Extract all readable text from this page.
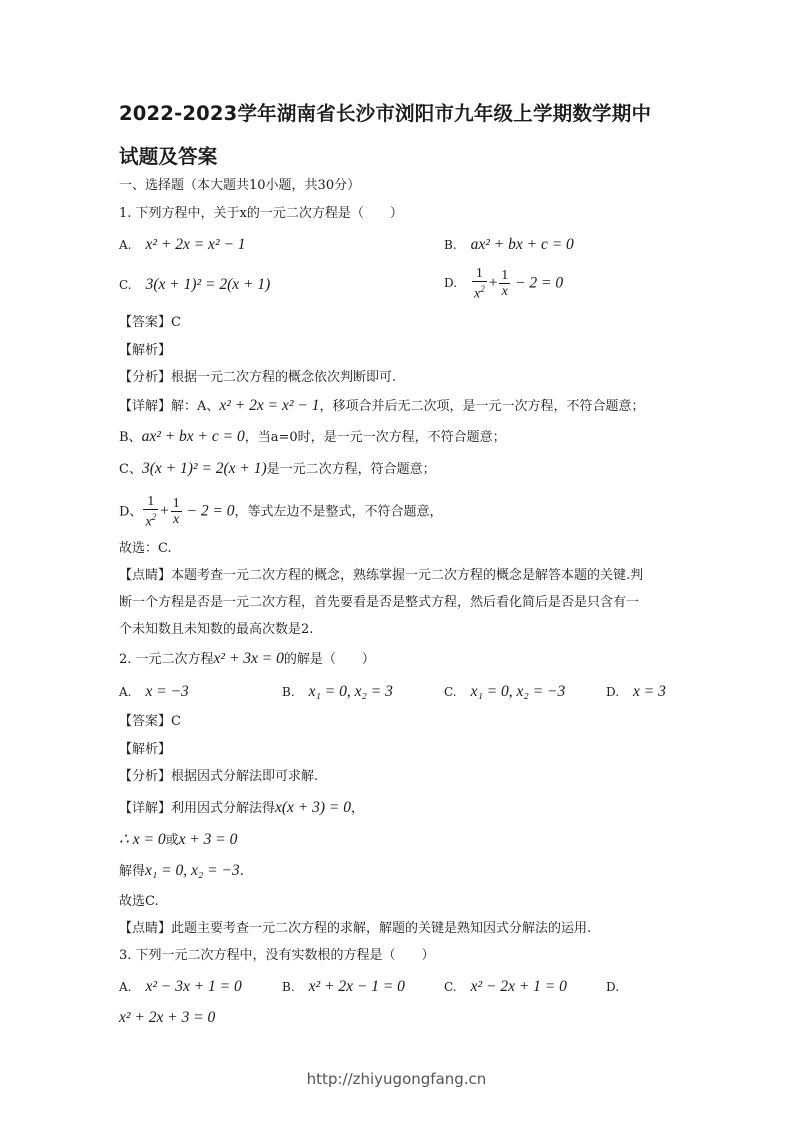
2022-2023学年湖南省长沙市浏阳市九年级上学期数学期中
试题及答案
一、选择题（本大题共10小题，共30分）
1. 下列方程中，关于x的一元二次方程是（　　）
A. x² + 2x = x² − 1	B. ax² + bx + c = 0
C. 3(x + 1)² = 2(x + 1)	D. $\frac{1}{x^2} + \frac{1}{x} - 2 = 0$
【答案】C
【解析】
【分析】根据一元二次方程的概念依次判断即可.
【详解】解：A、x² + 2x = x² − 1，移项合并后无二次项，是一元一次方程，不符合题意；
B、ax² + bx + c = 0，当a=0时，是一元一次方程，不符合题意；
C、3(x + 1)² = 2(x + 1)是一元二次方程，符合题意；
D、 $\frac{1}{x^2} + \frac{1}{x} - 2 = 0$，等式左边不是整式，不符合题意，
故选：C.
【点睛】本题考查一元二次方程的概念，熟练掌握一元二次方程的概念是解答本题的关键.判
断一个方程是否是一元二次方程，首先要看是否是整式方程，然后看化简后是否是只含有一
个未知数且未知数的最高次数是2.
2. 一元二次方程x² + 3x = 0的解是（　　）
A. x = −3	B. x₁ = 0, x₂ = 3	C. x₁ = 0, x₂ = −3	D. x = 3
【答案】C
【解析】
【分析】根据因式分解法即可求解.
【详解】利用因式分解法得x(x + 3) = 0，
∴ x = 0或x + 3 = 0
解得x₁ = 0, x₂ = −3.
故选C.
【点睛】此题主要考查一元二次方程的求解，解题的关键是熟知因式分解法的运用.
3. 下列一元二次方程中，没有实数根的方程是（　　）
A. x² − 3x + 1 = 0	B. x² + 2x − 1 = 0	C. x² − 2x + 1 = 0	D.
x² + 2x + 3 = 0
http://zhiyugongfang.cn
